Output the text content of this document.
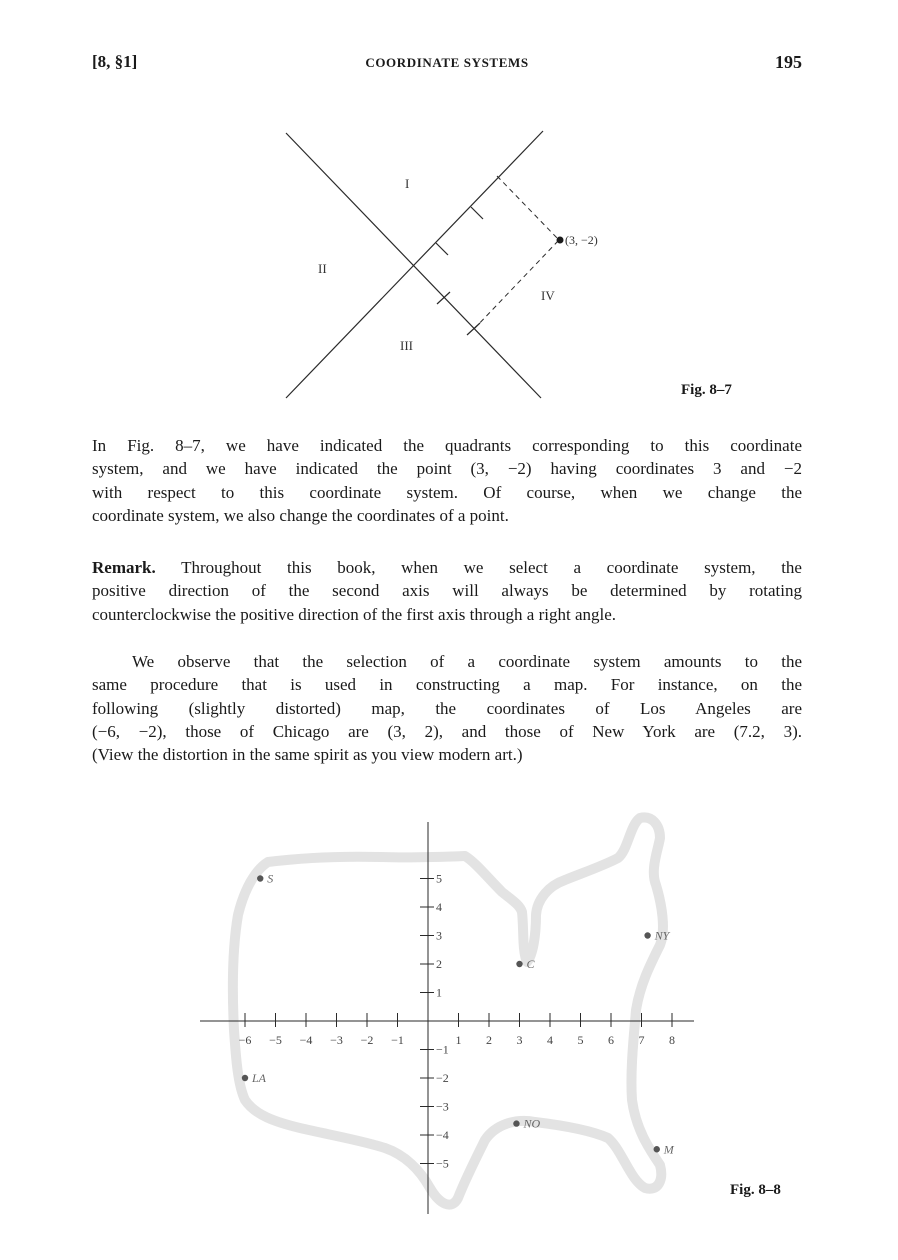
[8, §1]	COORDINATE SYSTEMS	195
(3, −2)
I
II
III
IV
Fig. 8–7
In Fig. 8–7, we have indicated the quadrants corresponding to this coordinate
system, and we have indicated the point (3, −2) having coordinates 3 and −2
with respect to this coordinate system. Of course, when we change the
coordinate system, we also change the coordinates of a point.
Remark. Throughout this book, when we select a coordinate system, the
positive direction of the second axis will always be determined by rotating
counterclockwise the positive direction of the first axis through a right angle.
We observe that the selection of a coordinate system amounts to the
same procedure that is used in constructing a map. For instance, on the
following (slightly distorted) map, the coordinates of Los Angeles are
(−6, −2), those of Chicago are (3, 2), and those of New York are (7.2, 3).
(View the distortion in the same spirit as you view modern art.)
−6 −5 −4 −3 −2 −1	1 2 3 4 5 6 7 8
5
4
3
2
1
−1
−2
−3
−4
−5
S
C
NY
LA
NO
M
Fig. 8–8
